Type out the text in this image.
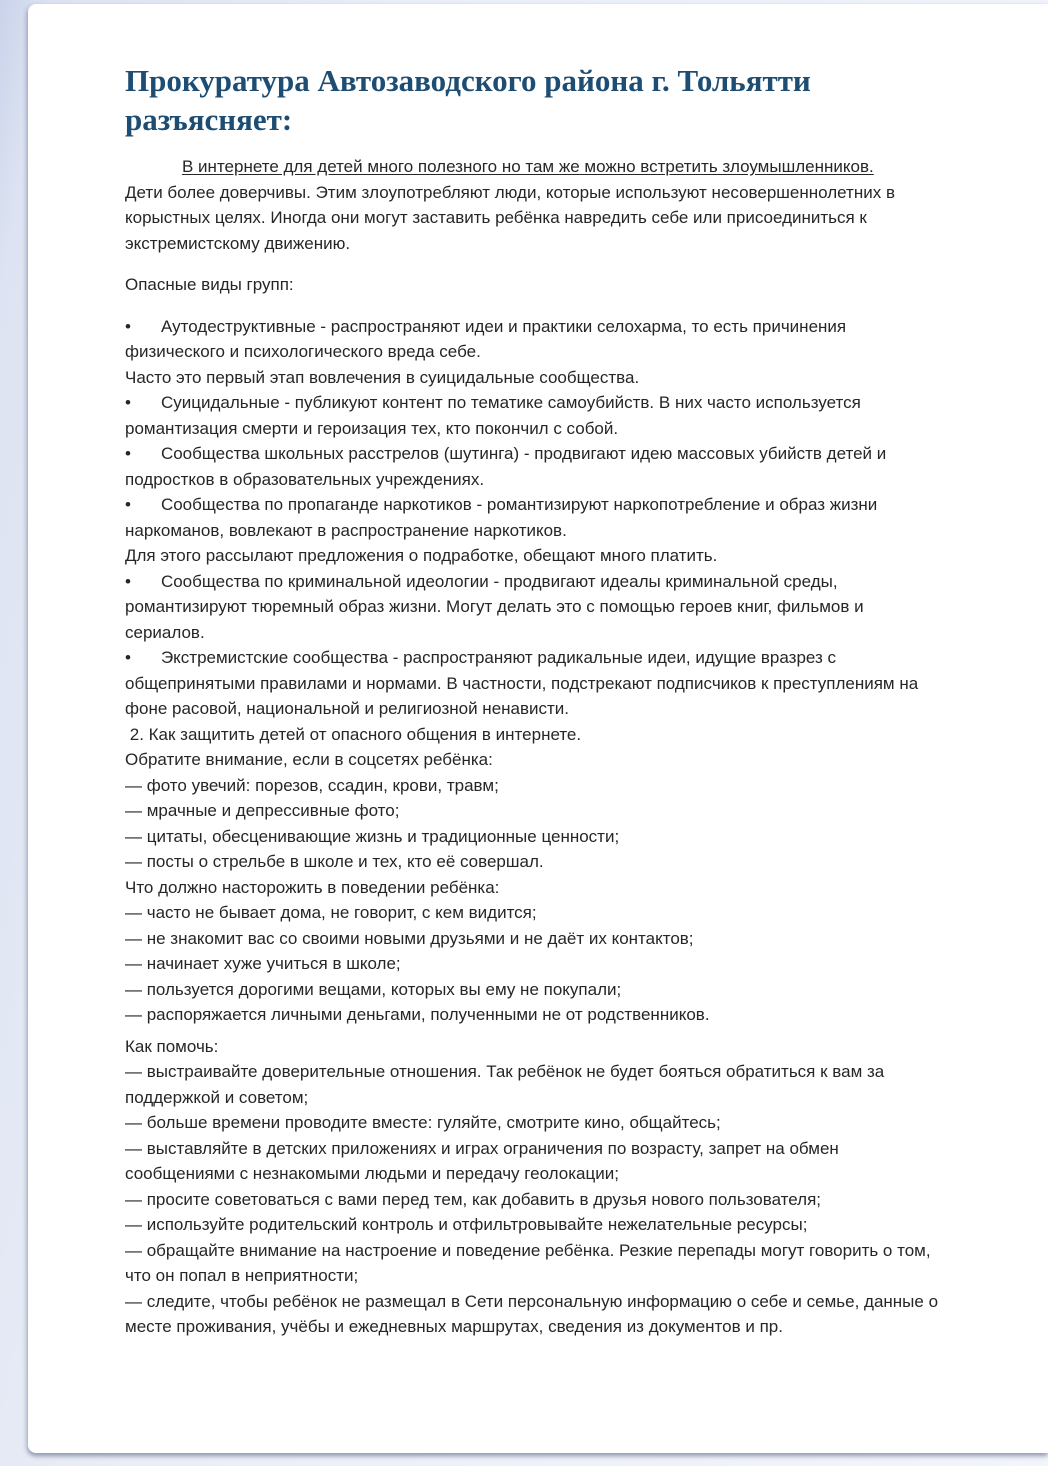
Прокуратура Автозаводского района г. Тольятти разъясняет:

В интернете для детей много полезного но там же можно встретить злоумышленников.

Дети более доверчивы. Этим злоупотребляют люди, которые используют несовершеннолетних в корыстных целях. Иногда они могут заставить ребёнка навредить себе или присоединиться к экстремистскому движению.

Опасные виды групп:

• Аутодеструктивные - распространяют идеи и практики селохарма, то есть причинения физического и психологического вреда себе.

Часто это первый этап вовлечения в суицидальные сообщества.

• Суицидальные - публикуют контент по тематике самоубийств. В них часто используется романтизация смерти и героизация тех, кто покончил с собой.

• Сообщества школьных расстрелов (шутинга) - продвигают идею массовых убийств детей и подростков в образовательных учреждениях.

• Сообщества по пропаганде наркотиков - романтизируют наркопотребление и образ жизни наркоманов, вовлекают в распространение наркотиков.

Для этого рассылают предложения о подработке, обещают много платить.

• Сообщества по криминальной идеологии - продвигают идеалы криминальной среды, романтизируют тюремный образ жизни. Могут делать это с помощью героев книг, фильмов и сериалов.

• Экстремистские сообщества - распространяют радикальные идеи, идущие вразрез с общепринятыми правилами и нормами. В частности, подстрекают подписчиков к преступлениям на фоне расовой, национальной и религиозной ненависти.

2. Как защитить детей от опасного общения в интернете.

Обратите внимание, если в соцсетях ребёнка:

— фото увечий: порезов, ссадин, крови, травм;

— мрачные и депрессивные фото;

— цитаты, обесценивающие жизнь и традиционные ценности;

— посты о стрельбе в школе и тех, кто её совершал.

Что должно насторожить в поведении ребёнка:

— часто не бывает дома, не говорит, с кем видится;

— не знакомит вас со своими новыми друзьями и не даёт их контактов;

— начинает хуже учиться в школе;

— пользуется дорогими вещами, которых вы ему не покупали;

— распоряжается личными деньгами, полученными не от родственников.

Как помочь:

— выстраивайте доверительные отношения. Так ребёнок не будет бояться обратиться к вам за поддержкой и советом;

— больше времени проводите вместе: гуляйте, смотрите кино, общайтесь;

— выставляйте в детских приложениях и играх ограничения по возрасту, запрет на обмен сообщениями с незнакомыми людьми и передачу геолокации;

— просите советоваться с вами перед тем, как добавить в друзья нового пользователя;

— используйте родительский контроль и отфильтровывайте нежелательные ресурсы;

— обращайте внимание на настроение и поведение ребёнка. Резкие перепады могут говорить о том, что он попал в неприятности;

— следите, чтобы ребёнок не размещал в Сети персональную информацию о себе и семье, данные о месте проживания, учёбы и ежедневных маршрутах, сведения из документов и пр.
